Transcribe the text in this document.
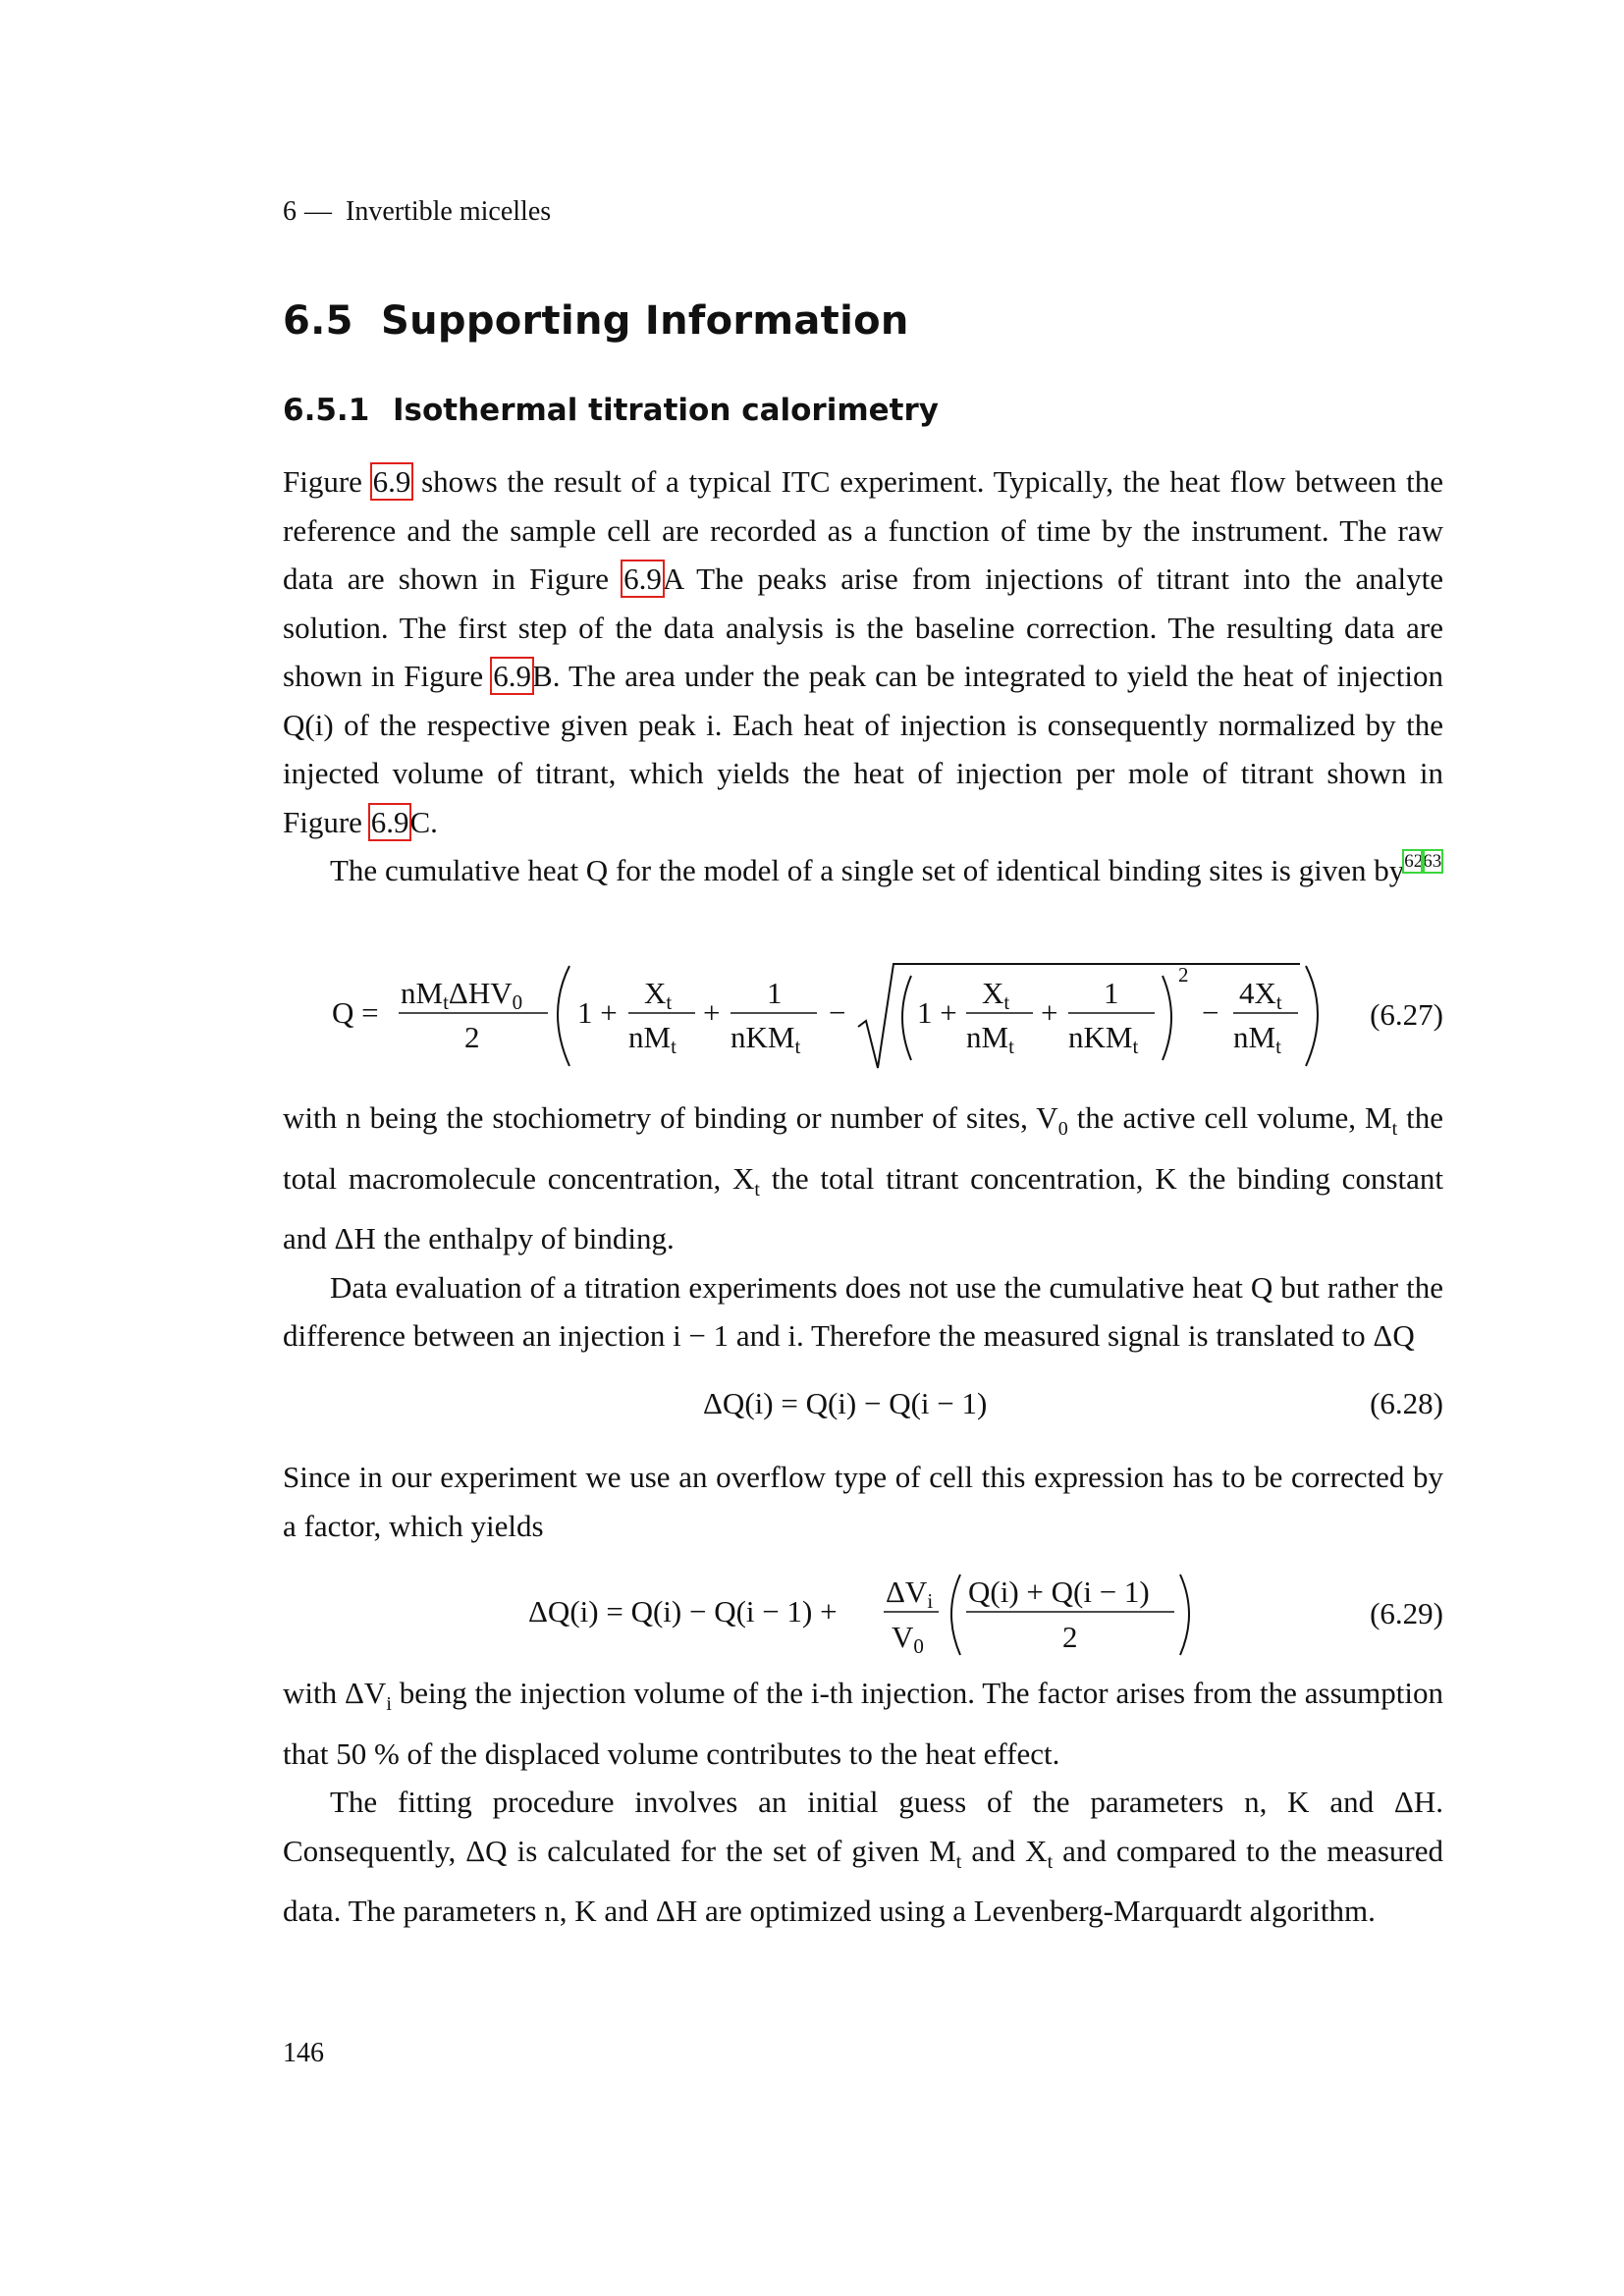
6 — Invertible micelles
6.5 Supporting Information
6.5.1 Isothermal titration calorimetry
Figure 6.9 shows the result of a typical ITC experiment. Typically, the heat flow between the reference and the sample cell are recorded as a function of time by the instrument. The raw data are shown in Figure 6.9A The peaks arise from injections of titrant into the analyte solution. The first step of the data analysis is the baseline correction. The resulting data are shown in Figure 6.9B. The area under the peak can be integrated to yield the heat of injection Q(i) of the respective given peak i. Each heat of injection is consequently normalized by the injected volume of titrant, which yields the heat of injection per mole of titrant shown in Figure 6.9C.
The cumulative heat Q for the model of a single set of identical binding sites is given by$^{6263}$
Q =
nMtΔHV0
2
1 +
Xt
nMt
+
1
nKMt
− 1 +
Xt
nMt
+
1
nKMt
2
−
4Xt
nMt
(6.27)
with n being the stochiometry of binding or number of sites, $V_0$ the active cell volume, $M_t$ the total macromolecule concentration, $X_t$ the total titrant concentration, K the binding constant and ΔH the enthalpy of binding.
Data evaluation of a titration experiments does not use the cumulative heat Q but rather the difference between an injection i − 1 and i. Therefore the measured signal is translated to ΔQ
ΔQ(i) = Q(i) − Q(i − 1)	(6.28)
Since in our experiment we use an overflow type of cell this expression has to be corrected by a factor, which yields
ΔQ(i) = Q(i) − Q(i − 1) +
ΔVi
V0
Q(i) + Q(i − 1)
2
(6.29)
with $\Delta V_i$ being the injection volume of the i-th injection. The factor arises from the assumption that 50 % of the displaced volume contributes to the heat effect.
The fitting procedure involves an initial guess of the parameters n, K and ΔH. Consequently, ΔQ is calculated for the set of given $M_t$ and $X_t$ and compared to the measured data. The parameters n, K and ΔH are optimized using a Levenberg-Marquardt algorithm.
146
